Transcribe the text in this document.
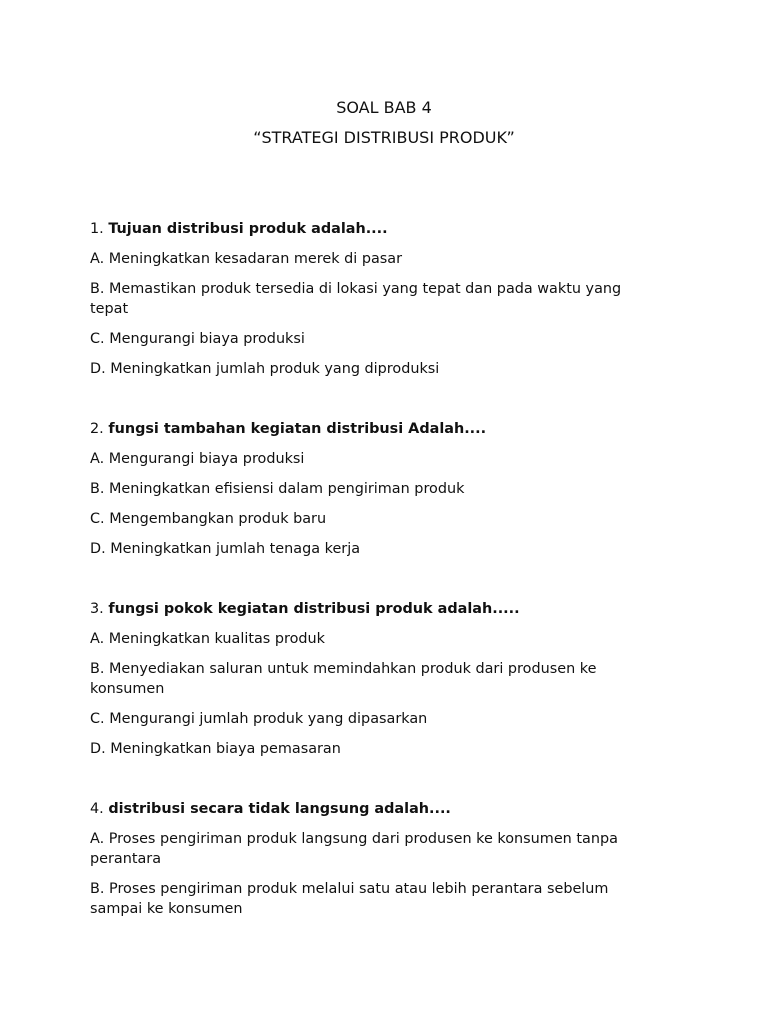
SOAL BAB 4
“STRATEGI DISTRIBUSI PRODUK”
1. Tujuan distribusi produk adalah....
A. Meningkatkan kesadaran merek di pasar
B. Memastikan produk tersedia di lokasi yang tepat dan pada waktu yang tepat
C. Mengurangi biaya produksi
D. Meningkatkan jumlah produk yang diproduksi
2. fungsi tambahan kegiatan distribusi Adalah....
A. Mengurangi biaya produksi
B. Meningkatkan efisiensi dalam pengiriman produk
C. Mengembangkan produk baru
D. Meningkatkan jumlah tenaga kerja
3. fungsi pokok kegiatan distribusi produk adalah.....
A. Meningkatkan kualitas produk
B. Menyediakan saluran untuk memindahkan produk dari produsen ke konsumen
C. Mengurangi jumlah produk yang dipasarkan
D. Meningkatkan biaya pemasaran
4. distribusi secara tidak langsung adalah....
A. Proses pengiriman produk langsung dari produsen ke konsumen tanpa perantara
B. Proses pengiriman produk melalui satu atau lebih perantara sebelum sampai ke konsumen
